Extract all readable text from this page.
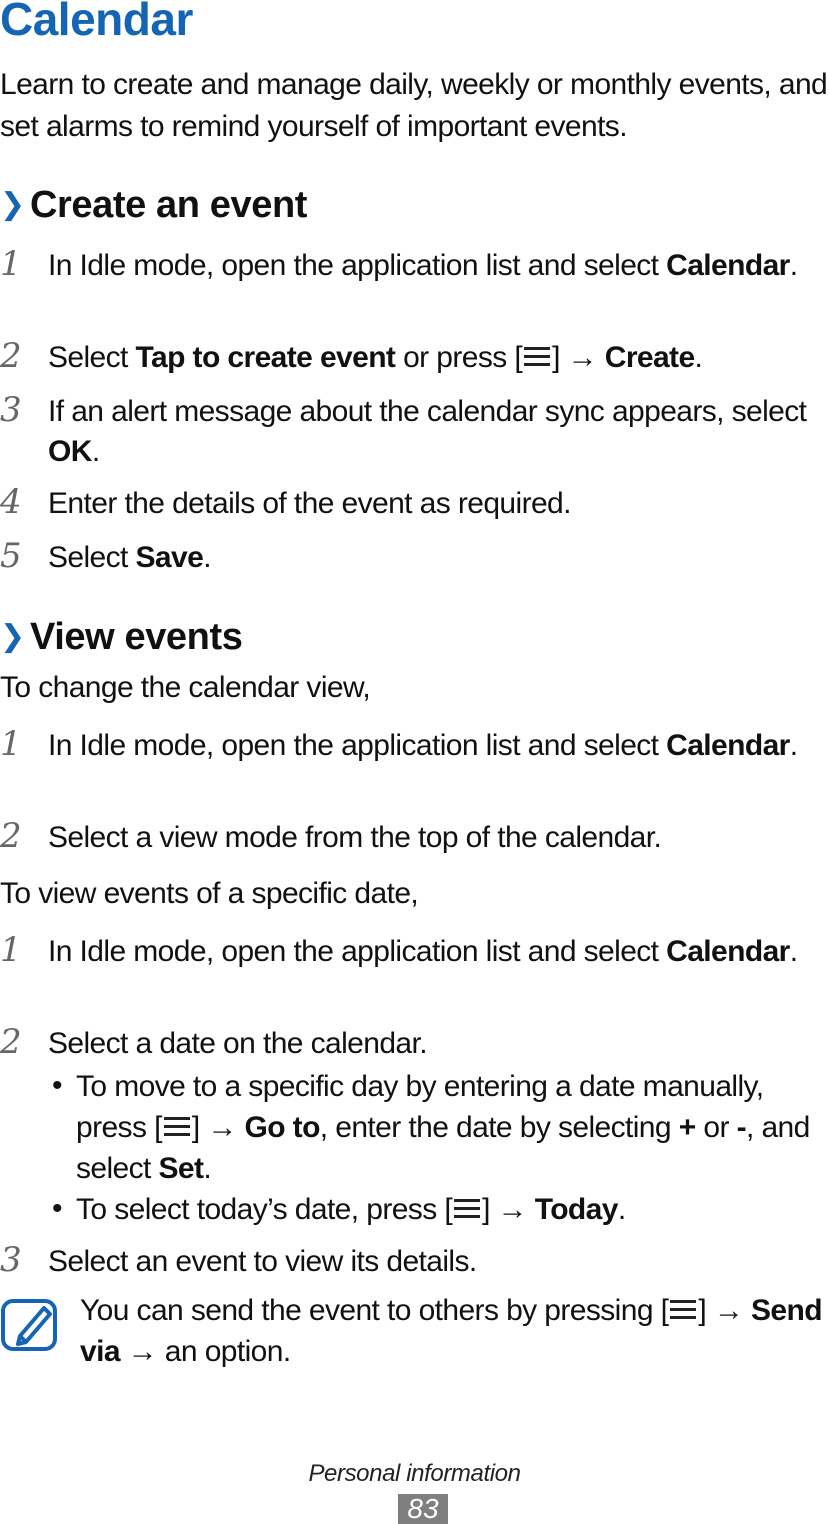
Calendar
Learn to create and manage daily, weekly or monthly events, and set alarms to remind yourself of important events.
❯ Create an event
1 In Idle mode, open the application list and select Calendar.
2 Select Tap to create event or press [ ] → Create.
3 If an alert message about the calendar sync appears, select OK.
4 Enter the details of the event as required.
5 Select Save.
❯ View events
To change the calendar view,
1 In Idle mode, open the application list and select Calendar.
2 Select a view mode from the top of the calendar.
To view events of a specific date,
1 In Idle mode, open the application list and select Calendar.
2 Select a date on the calendar.
• To move to a specific day by entering a date manually, press [ ] → Go to, enter the date by selecting + or -, and select Set.
• To select today’s date, press [ ] → Today.
3 Select an event to view its details.
You can send the event to others by pressing [ ] → Send via → an option.
Personal information
83
